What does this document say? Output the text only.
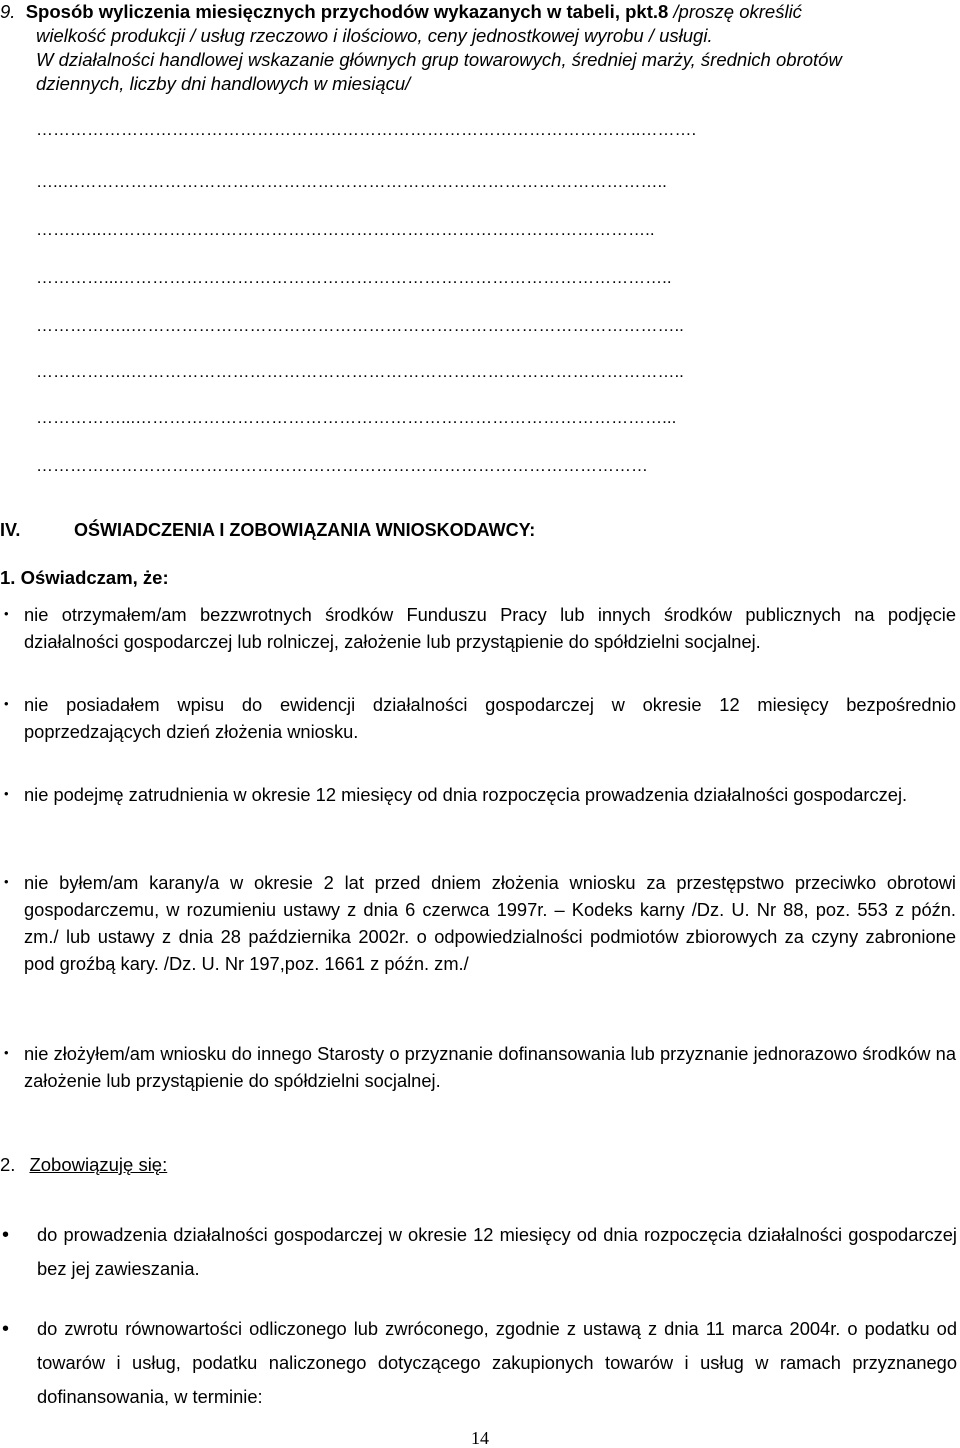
9. Sposób wyliczenia miesięcznych przychodów wykazanych w tabeli, pkt.8 /proszę określić
wielkość produkcji / usług rzeczowo i ilościowo, ceny jednostkowej wyrobu / usługi.
W działalności handlowej wskazanie głównych grup towarowych, średniej marży, średnich obrotów
dziennych, liczby dni handlowych w miesiącu/
……………………………………………………………………………………………..……….
…..……………………………………………………………………………………………..
…….…..……………………………………………………………………………………..
…………...……………………………………………………………………………………..
……………..……………………………………………………………………………………..
……………..……………………………………………………………………………………..
……………...…………………………………………………………………………………...
………………………………………………………………………………………………
IV.	OŚWIADCZENIA I ZOBOWIĄZANIA WNIOSKODAWCY:
1. Oświadczam, że:
• nie otrzymałem/am bezzwrotnych środków Funduszu Pracy lub innych środków publicznych na podjęcie działalności gospodarczej lub rolniczej, założenie lub przystąpienie do spółdzielni socjalnej.
• nie posiadałem wpisu do ewidencji działalności gospodarczej w okresie 12 miesięcy bezpośrednio poprzedzających dzień złożenia wniosku.
• nie podejmę zatrudnienia w okresie 12 miesięcy od dnia rozpoczęcia prowadzenia działalności gospodarczej.
• nie byłem/am karany/a w okresie 2 lat przed dniem złożenia wniosku za przestępstwo przeciwko obrotowi gospodarczemu, w rozumieniu ustawy z dnia 6 czerwca 1997r. – Kodeks karny /Dz. U. Nr 88, poz. 553 z późn. zm./ lub ustawy z dnia 28 października 2002r. o odpowiedzialności podmiotów zbiorowych za czyny zabronione pod groźbą kary. /Dz. U. Nr 197,poz. 1661 z późn. zm./
• nie złożyłem/am wniosku do innego Starosty o przyznanie dofinansowania lub przyznanie jednorazowo środków na założenie lub przystąpienie do spółdzielni socjalnej.
2. Zobowiązuję się:
• do prowadzenia działalności gospodarczej w okresie 12 miesięcy od dnia rozpoczęcia działalności gospodarczej bez jej zawieszania.
• do zwrotu równowartości odliczonego lub zwróconego, zgodnie z ustawą z dnia 11 marca 2004r. o podatku od towarów i usług, podatku naliczonego dotyczącego zakupionych towarów i usług w ramach przyznanego dofinansowania, w terminie:
14
